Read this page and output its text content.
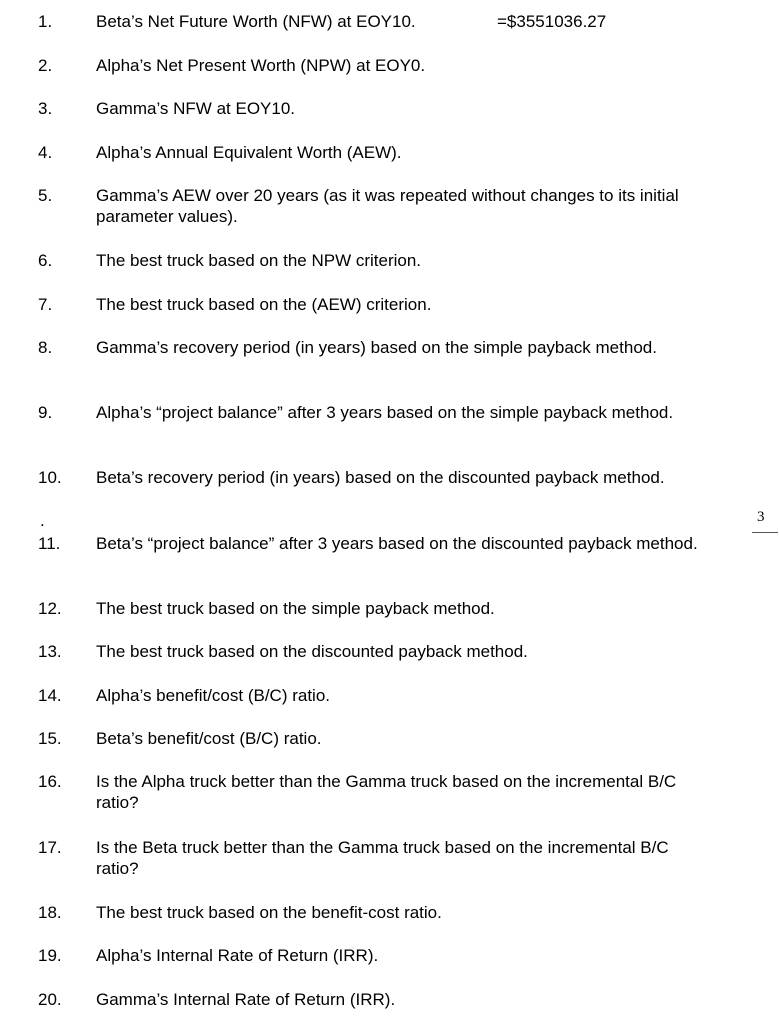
1.	Beta’s Net Future Worth (NFW) at EOY10.	=$3551036.27
2.	Alpha’s Net Present Worth (NPW) at EOY0.
3.	Gamma’s NFW at EOY10.
4.	Alpha’s Annual Equivalent Worth (AEW).
5.	Gamma’s AEW over 20 years (as it was repeated without changes to its initial parameter values).
6.	The best truck based on the NPW criterion.
7.	The best truck based on the (AEW) criterion.
8.	Gamma’s recovery period (in years) based on the simple payback method.
9.	Alpha’s “project balance” after 3 years based on the simple payback method.
10.	Beta’s recovery period (in years) based on the discounted payback method.
11.	Beta’s “project balance” after 3 years based on the discounted payback method.
12.	The best truck based on the simple payback method.
13.	The best truck based on the discounted payback method.
14.	Alpha’s benefit/cost (B/C) ratio.
15.	Beta’s benefit/cost (B/C) ratio.
16.	Is the Alpha truck better than the Gamma truck based on the incremental B/C ratio?
17.	Is the Beta truck better than the Gamma truck based on the incremental B/C ratio?
18.	The best truck based on the benefit-cost ratio.
19.	Alpha’s Internal Rate of Return (IRR).
20.	Gamma’s Internal Rate of Return (IRR).
.	3
